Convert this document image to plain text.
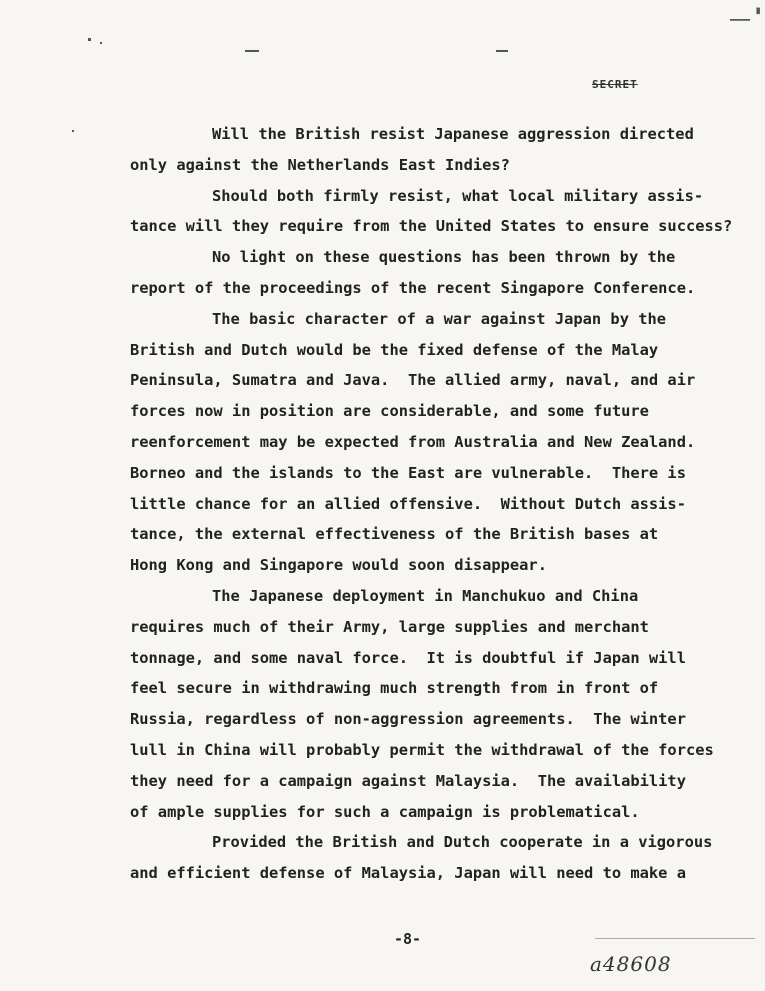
▁▁▁ ▘
SECRET
Will the British resist Japanese aggression directed
only against the Netherlands East Indies?
Should both firmly resist, what local military assis-
tance will they require from the United States to ensure success?
No light on these questions has been thrown by the
report of the proceedings of the recent Singapore Conference.
The basic character of a war against Japan by the
British and Dutch would be the fixed defense of the Malay
Peninsula, Sumatra and Java.  The allied army, naval, and air
forces now in position are considerable, and some future
reenforcement may be expected from Australia and New Zealand.
Borneo and the islands to the East are vulnerable.  There is
little chance for an allied offensive.  Without Dutch assis-
tance, the external effectiveness of the British bases at
Hong Kong and Singapore would soon disappear.
The Japanese deployment in Manchukuo and China
requires much of their Army, large supplies and merchant
tonnage, and some naval force.  It is doubtful if Japan will
feel secure in withdrawing much strength from in front of
Russia, regardless of non-aggression agreements.  The winter
lull in China will probably permit the withdrawal of the forces
they need for a campaign against Malaysia.  The availability
of ample supplies for such a campaign is problematical.
Provided the British and Dutch cooperate in a vigorous
and efficient defense of Malaysia, Japan will need to make a
-8-
a48608
